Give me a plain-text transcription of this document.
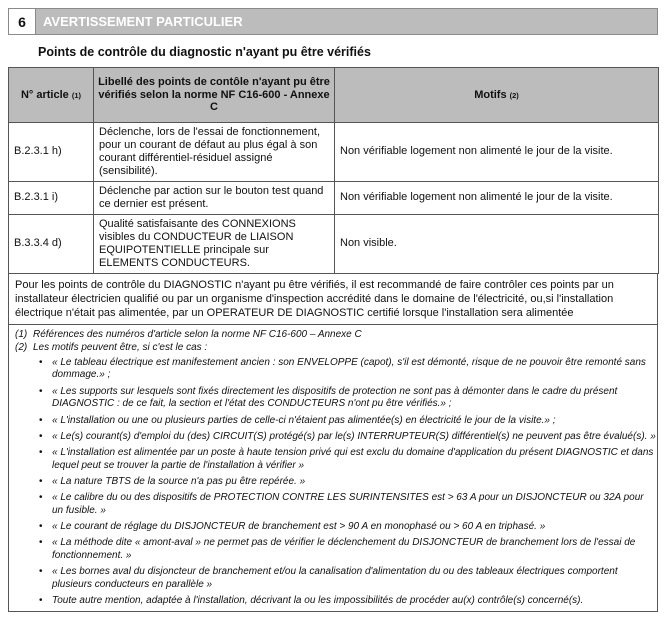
6	AVERTISSEMENT PARTICULIER
Points de contrôle du diagnostic n'ayant pu être vérifiés
N° article (1)	Libellé des points de contôle n'ayant pu être vérifiés selon la norme NF C16-600 - Annexe C	Motifs (2)
B.2.3.1 h)	Déclenche, lors de l'essai de fonctionnement, pour un courant de défaut au plus égal à son courant différentiel-résiduel assigné (sensibilité).	Non vérifiable logement non alimenté le jour de la visite.
B.2.3.1 i)	Déclenche par action sur le bouton test quand ce dernier est présent.	Non vérifiable logement non alimenté le jour de la visite.
B.3.3.4 d)	Qualité satisfaisante des CONNEXIONS visibles du CONDUCTEUR de LIAISON EQUIPOTENTIELLE principale sur ELEMENTS CONDUCTEURS.	Non visible.
Pour les points de contrôle du DIAGNOSTIC n'ayant pu être vérifiés, il est recommandé de faire contrôler ces points par un installateur électricien qualifié ou par un organisme d'inspection accrédité dans le domaine de l'électricité, ou,si l'installation électrique n'était pas alimentée, par un OPERATEUR DE DIAGNOSTIC certifié lorsque l'installation sera alimentée
(1) Références des numéros d'article selon la norme NF C16-600 – Annexe C
(2) Les motifs peuvent être, si c'est le cas :
• « Le tableau électrique est manifestement ancien : son ENVELOPPE (capot), s'il est démonté, risque de ne pouvoir être remonté sans dommage.» ;
• « Les supports sur lesquels sont fixés directement les dispositifs de protection ne sont pas à démonter dans le cadre du présent DIAGNOSTIC : de ce fait, la section et l'état des CONDUCTEURS n'ont pu être vérifiés.» ;
• « L'installation ou une ou plusieurs parties de celle-ci n'étaient pas alimentée(s) en électricité le jour de la visite.» ;
• « Le(s) courant(s) d'emploi du (des) CIRCUIT(S) protégé(s) par le(s) INTERRUPTEUR(S) différentiel(s) ne peuvent pas être évalué(s). »
• « L'installation est alimentée par un poste à haute tension privé qui est exclu du domaine d'application du présent DIAGNOSTIC et dans lequel peut se trouver la partie de l'installation à vérifier »
• « La nature TBTS de la source n'a pas pu être repérée. »
• « Le calibre du ou des dispositifs de PROTECTION CONTRE LES SURINTENSITES est > 63 A pour un DISJONCTEUR ou 32A pour un fusible. »
• « Le courant de réglage du DISJONCTEUR de branchement est > 90 A en monophasé ou > 60 A en triphasé. »
• « La méthode dite « amont-aval » ne permet pas de vérifier le déclenchement du DISJONCTEUR de branchement lors de l'essai de fonctionnement. »
• « Les bornes aval du disjoncteur de branchement et/ou la canalisation d'alimentation du ou des tableaux électriques comportent plusieurs conducteurs en parallèle »
• Toute autre mention, adaptée à l'installation, décrivant la ou les impossibilités de procéder au(x) contrôle(s) concerné(s).
